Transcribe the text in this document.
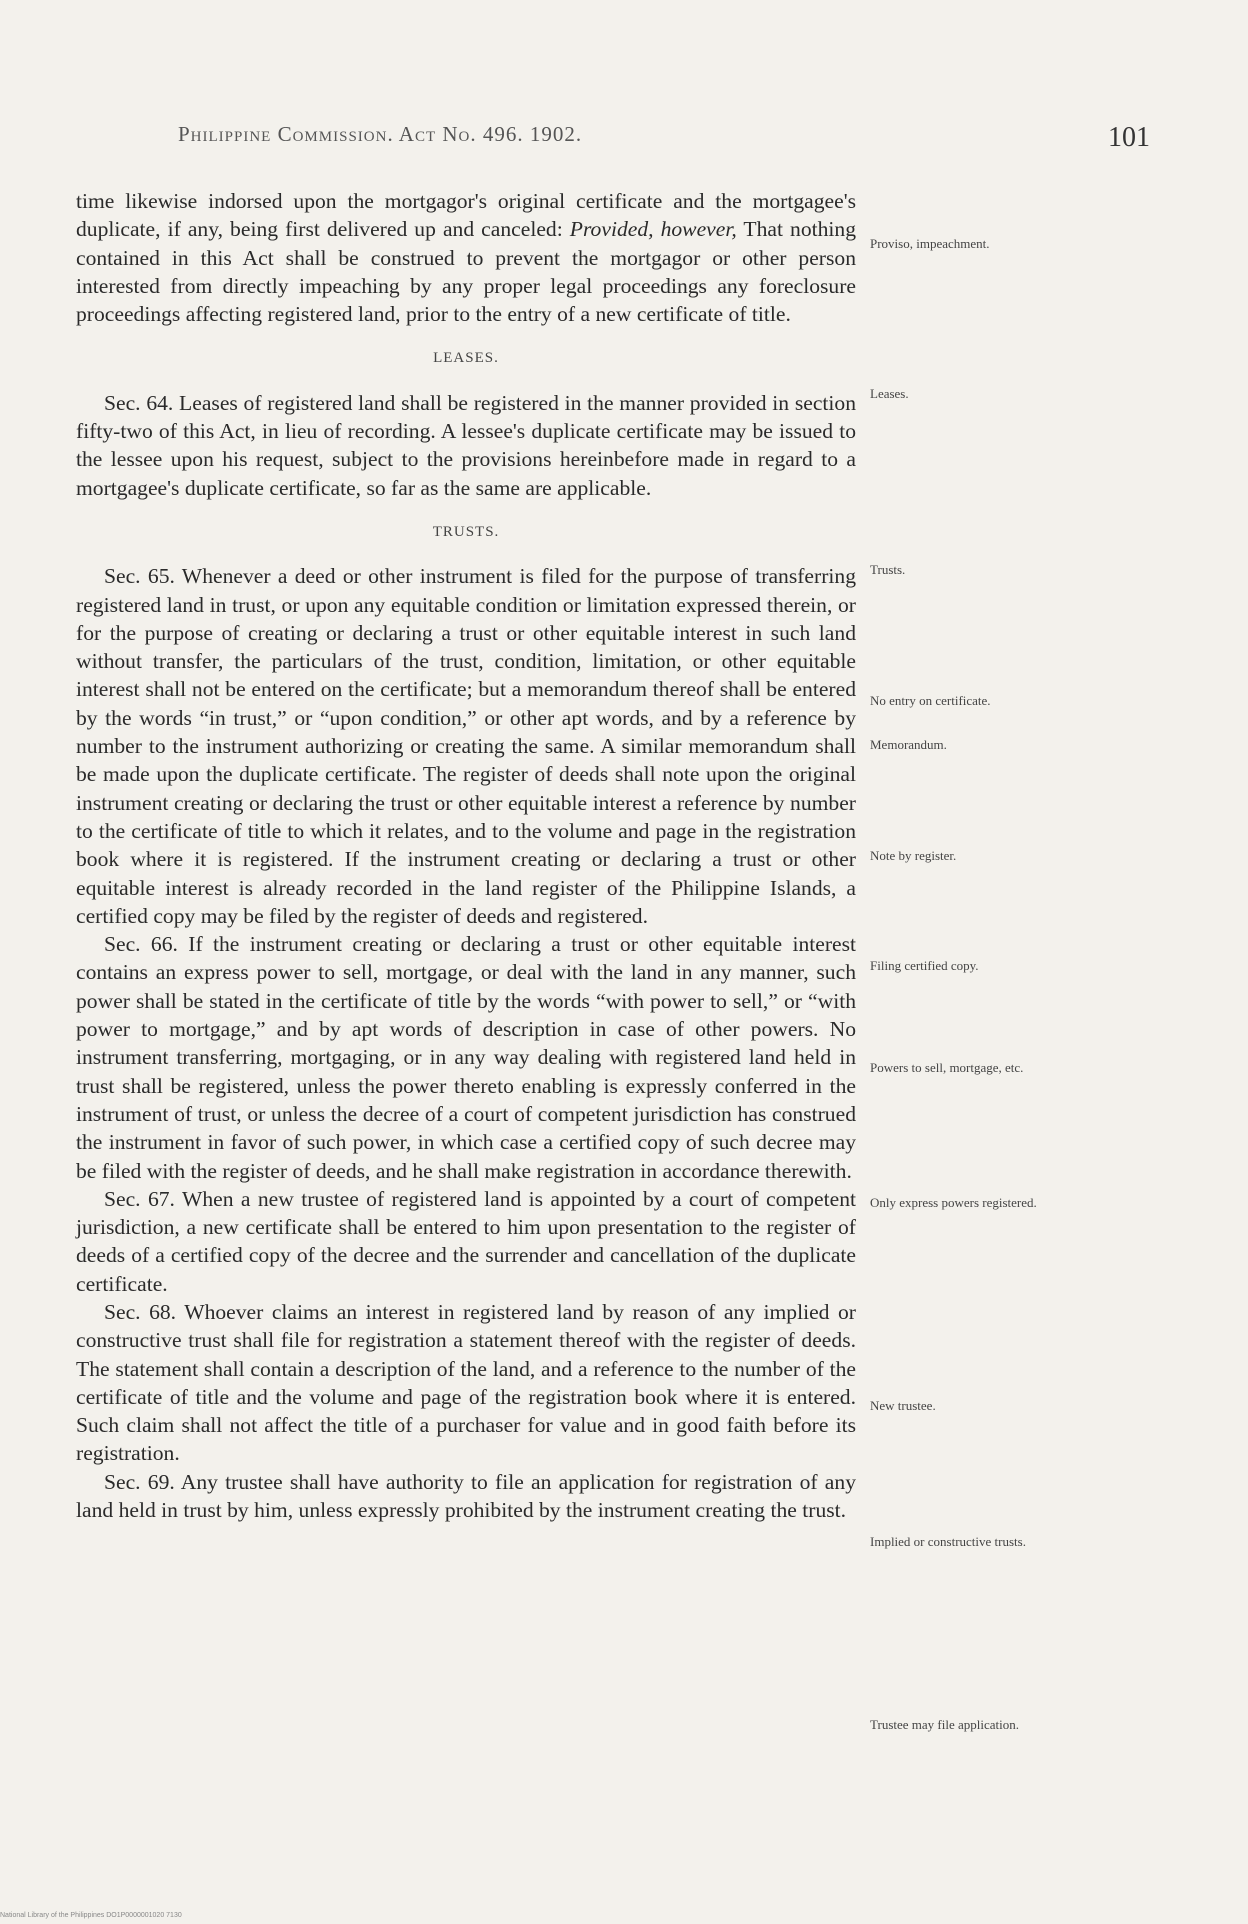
Philippine Commission. Act No. 496. 1902.	101

time likewise indorsed upon the mortgagor's original certificate and the mortgagee's duplicate, if any, being first delivered up and canceled: Provided, however, That nothing contained in this Act shall be construed to prevent the mortgagor or other person interested from directly impeaching by any proper legal proceedings any foreclosure proceedings affecting registered land, prior to the entry of a new certificate of title.

LEASES.

Sec. 64. Leases of registered land shall be registered in the manner provided in section fifty-two of this Act, in lieu of recording. A lessee's duplicate certificate may be issued to the lessee upon his request, subject to the provisions hereinbefore made in regard to a mortgagee's duplicate certificate, so far as the same are applicable.

TRUSTS.

Sec. 65. Whenever a deed or other instrument is filed for the purpose of transferring registered land in trust, or upon any equitable condition or limitation expressed therein, or for the purpose of creating or declaring a trust or other equitable interest in such land without transfer, the particulars of the trust, condition, limitation, or other equitable interest shall not be entered on the certificate; but a memorandum thereof shall be entered by the words “in trust,” or “upon condition,” or other apt words, and by a reference by number to the instrument authorizing or creating the same. A similar memorandum shall be made upon the duplicate certificate. The register of deeds shall note upon the original instrument creating or declaring the trust or other equitable interest a reference by number to the certificate of title to which it relates, and to the volume and page in the registration book where it is registered. If the instrument creating or declaring a trust or other equitable interest is already recorded in the land register of the Philippine Islands, a certified copy may be filed by the register of deeds and registered.

Sec. 66. If the instrument creating or declaring a trust or other equitable interest contains an express power to sell, mortgage, or deal with the land in any manner, such power shall be stated in the certificate of title by the words “with power to sell,” or “with power to mortgage,” and by apt words of description in case of other powers. No instrument transferring, mortgaging, or in any way dealing with registered land held in trust shall be registered, unless the power thereto enabling is expressly conferred in the instrument of trust, or unless the decree of a court of competent jurisdiction has construed the instrument in favor of such power, in which case a certified copy of such decree may be filed with the register of deeds, and he shall make registration in accordance therewith.

Sec. 67. When a new trustee of registered land is appointed by a court of competent jurisdiction, a new certificate shall be entered to him upon presentation to the register of deeds of a certified copy of the decree and the surrender and cancellation of the duplicate certificate.

Sec. 68. Whoever claims an interest in registered land by reason of any implied or constructive trust shall file for registration a statement thereof with the register of deeds. The statement shall contain a description of the land, and a reference to the number of the certificate of title and the volume and page of the registration book where it is entered. Such claim shall not affect the title of a purchaser for value and in good faith before its registration.

Sec. 69. Any trustee shall have authority to file an application for registration of any land held in trust by him, unless expressly prohibited by the instrument creating the trust.

Proviso, impeachment.
Leases.
Trusts.
No entry on certificate.
Memorandum.
Note by register.
Filing certified copy.
Powers to sell, mortgage, etc.
Only express powers registered.
New trustee.
Implied or constructive trusts.
Trustee may file application.
National Library of the Philippines DO1P0000001020 7130
